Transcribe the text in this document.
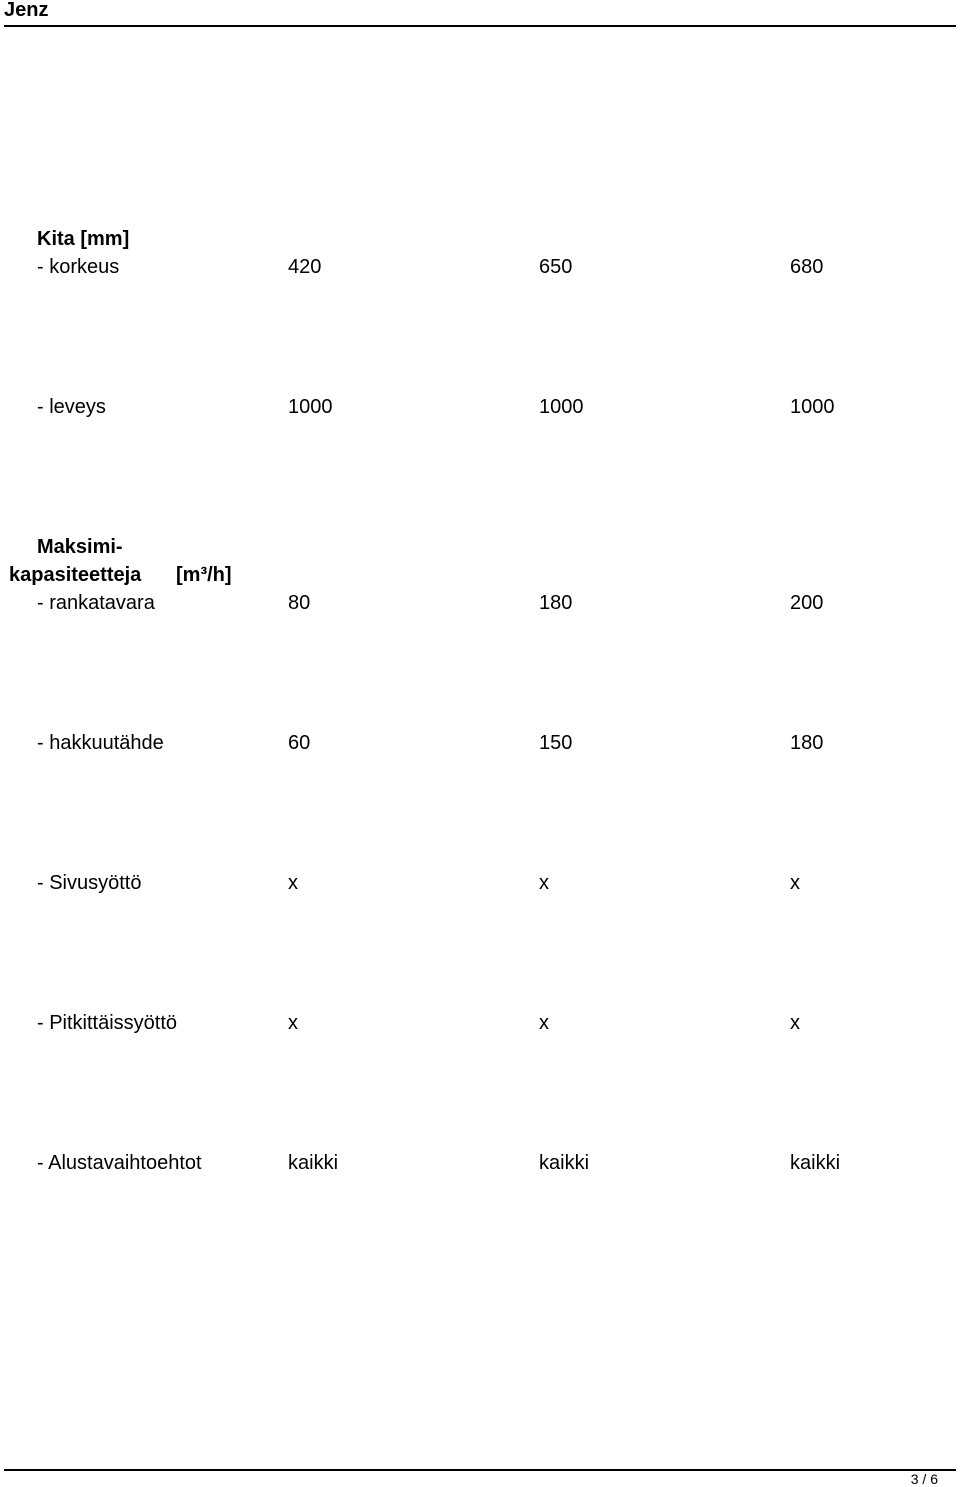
Jenz
Kita [mm]
- korkeus	420	650	680
- leveys	1000	1000	1000
Maksimi-
kapasiteetteja [m³/h]
- rankatavara	80	180	200
- hakkuutähde	60	150	180
- Sivusyöttö	x	x	x
- Pitkittäissyöttö	x	x	x
- Alustavaihtoehtot	kaikki	kaikki	kaikki
3 / 6
